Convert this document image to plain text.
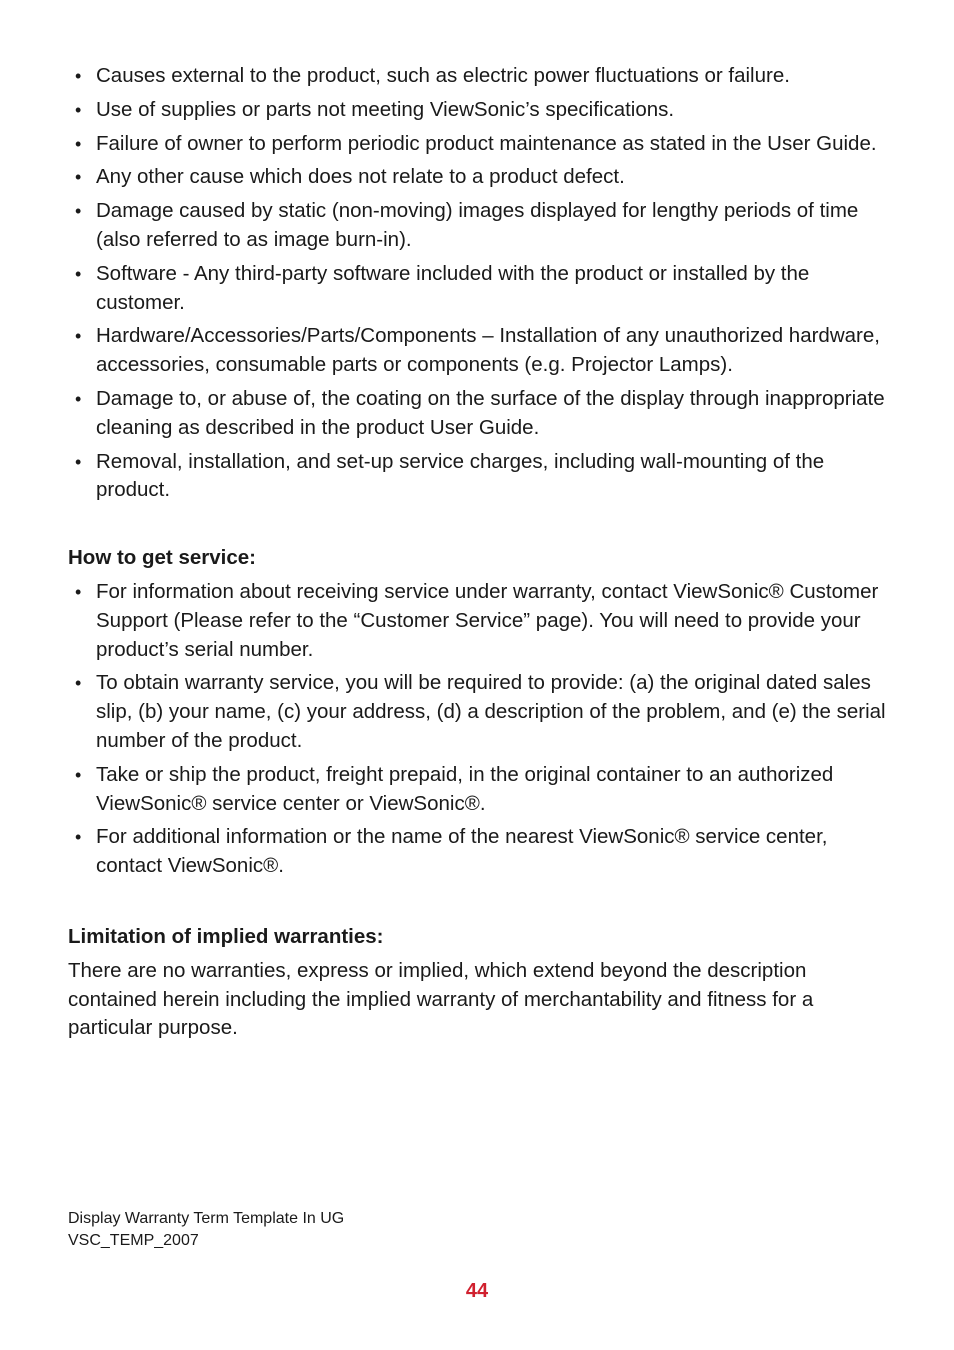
• Causes external to the product, such as electric power fluctuations or failure.
• Use of supplies or parts not meeting ViewSonic’s specifications.
• Failure of owner to perform periodic product maintenance as stated in the User Guide.
• Any other cause which does not relate to a product defect.
• Damage caused by static (non-moving) images displayed for lengthy periods of time (also referred to as image burn-in).
• Software - Any third-party software included with the product or installed by the customer.
• Hardware/Accessories/Parts/Components – Installation of any unauthorized hardware, accessories, consumable parts or components (e.g. Projector Lamps).
• Damage to, or abuse of, the coating on the surface of the display through inappropriate cleaning as described in the product User Guide.
• Removal, installation, and set-up service charges, including wall-mounting of the product.
How to get service:
• For information about receiving service under warranty, contact ViewSonic® Customer Support (Please refer to the “Customer Service” page). You will need to provide your product’s serial number.
• To obtain warranty service, you will be required to provide: (a) the original dated sales slip, (b) your name, (c) your address, (d) a description of the problem, and (e) the serial number of the product.
• Take or ship the product, freight prepaid, in the original container to an authorized ViewSonic® service center or ViewSonic®.
• For additional information or the name of the nearest ViewSonic® service center, contact ViewSonic®.
Limitation of implied warranties:

There are no warranties, express or implied, which extend beyond the description contained herein including the implied warranty of merchantability and fitness for a particular purpose.

Display Warranty Term Template In UG
VSC_TEMP_2007
44
